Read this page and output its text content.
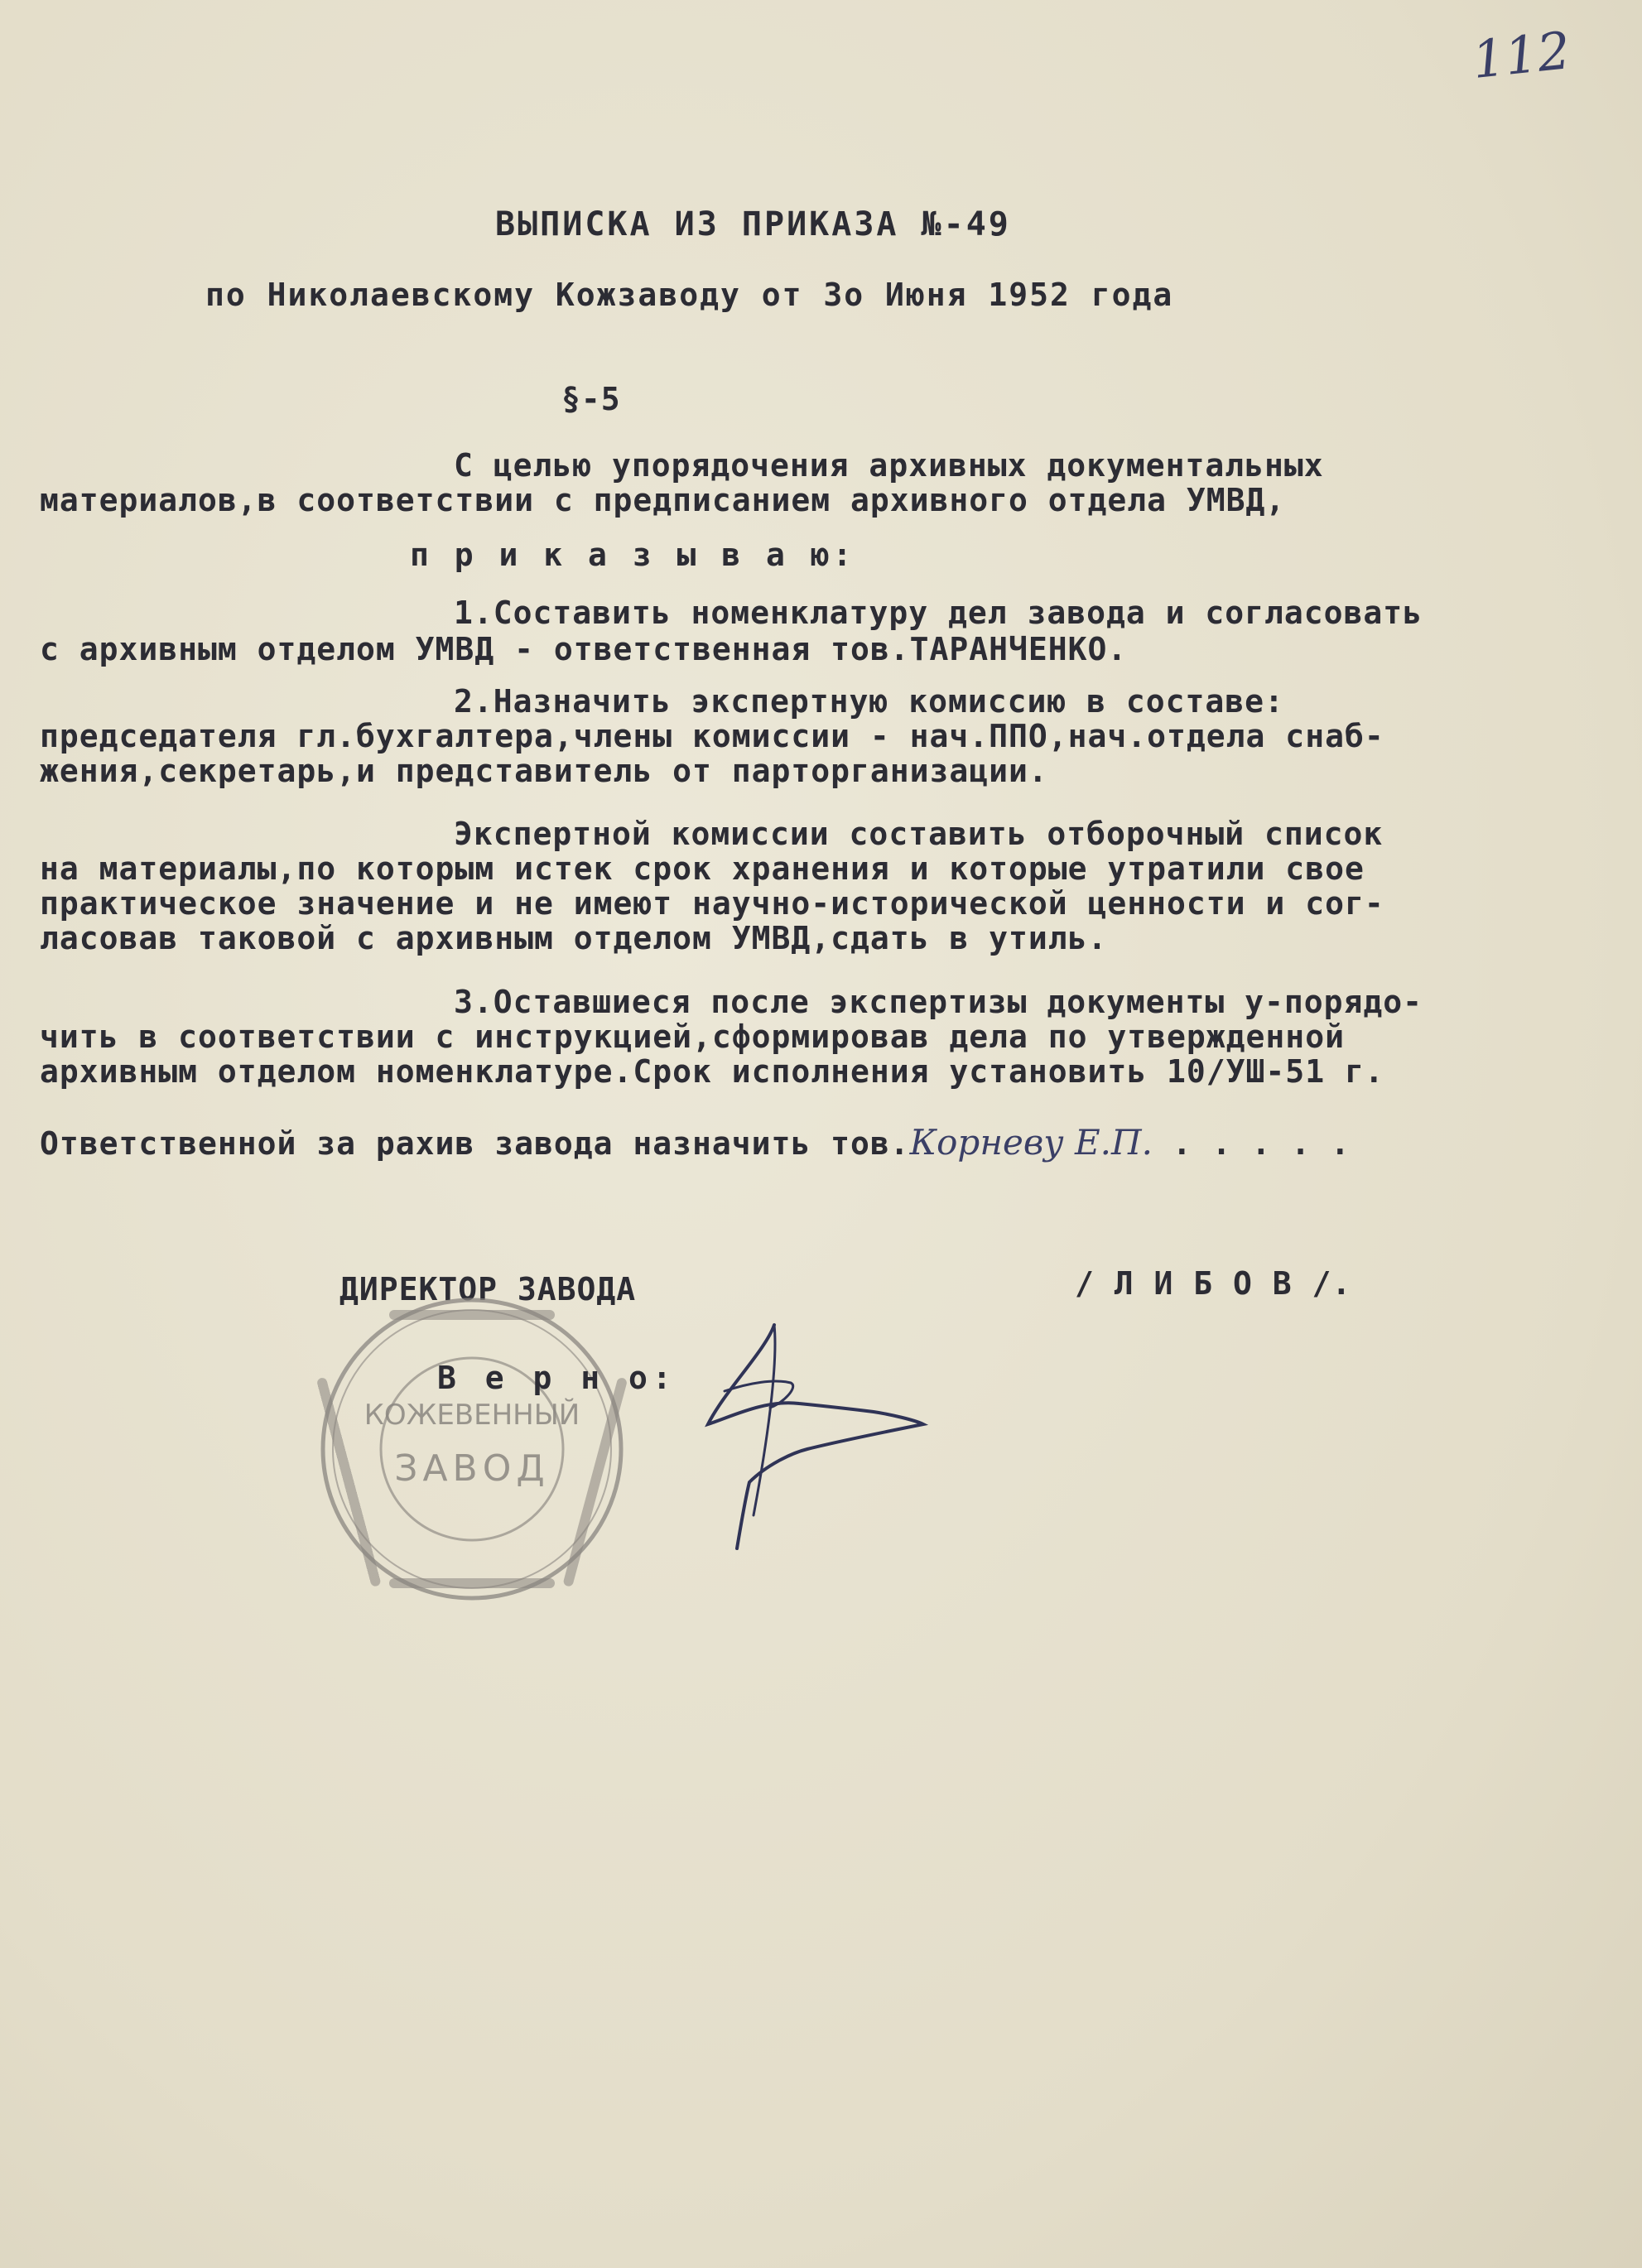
112
ВЫПИСКА ИЗ ПРИКАЗА №-49
по Николаевскому Кожзаводу от 3о Июня 1952 года
§-5
С целью упорядочения архивных документальных
материалов,в соответствии с предписанием архивного отдела УМВД,
п р и к а з ы в а ю:
1.Составить номенклатуру дел завода и согласовать
с архивным отделом УМВД - ответственная тов.ТАРАНЧЕНКО.
2.Назначить экспертную комиссию в составе:
председателя гл.бухгалтера,члены комиссии - нач.ППО,нач.отдела снаб-
жения,секретарь,и представитель от парторганизации.
Экспертной комиссии составить отборочный список
на материалы,по которым истек срок хранения и которые утратили свое
практическое значение и не имеют научно-исторической ценности и сог-
ласовав таковой с архивным отделом УМВД,сдать в утиль.
3.Оставшиеся после экспертизы документы у-порядо-
чить в соответствии с инструкцией,сформировав дела по утвержденной
архивным отделом номенклатуре.Срок исполнения установить 10/УШ-51 г.
Ответственной за рахив завода назначить тов.Корневу Е.П. . . . . .
ДИРЕКТОР ЗАВОДА	/ Л И Б О В /.
КОЖЕВЕННЫЙ
ЗАВОД
В е р н о:
